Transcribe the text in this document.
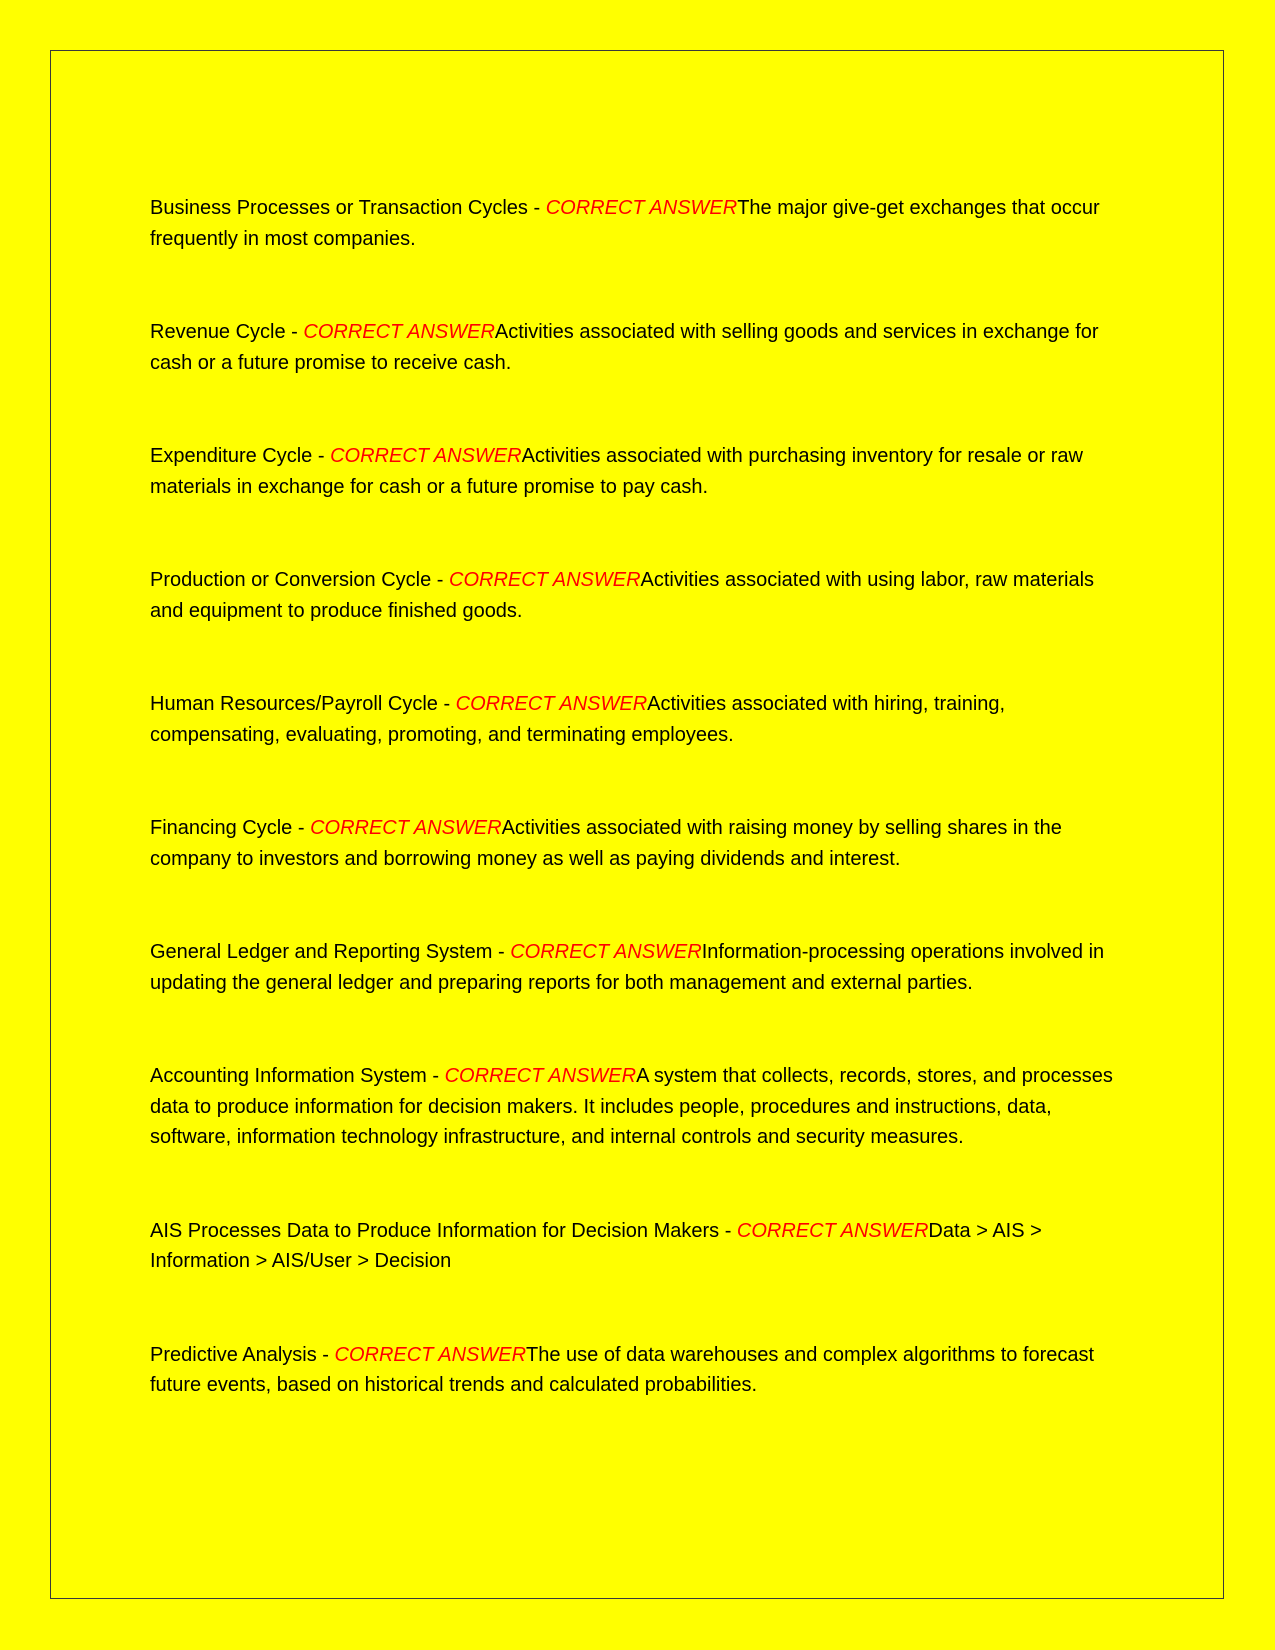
Business Processes or Transaction Cycles - CORRECT ANSWERThe major give-get exchanges that occur frequently in most companies.

Revenue Cycle - CORRECT ANSWERActivities associated with selling goods and services in exchange for cash or a future promise to receive cash.

Expenditure Cycle - CORRECT ANSWERActivities associated with purchasing inventory for resale or raw materials in exchange for cash or a future promise to pay cash.

Production or Conversion Cycle - CORRECT ANSWERActivities associated with using labor, raw materials and equipment to produce finished goods.

Human Resources/Payroll Cycle - CORRECT ANSWERActivities associated with hiring, training, compensating, evaluating, promoting, and terminating employees.

Financing Cycle - CORRECT ANSWERActivities associated with raising money by selling shares in the company to investors and borrowing money as well as paying dividends and interest.

General Ledger and Reporting System - CORRECT ANSWERInformation-processing operations involved in updating the general ledger and preparing reports for both management and external parties.

Accounting Information System - CORRECT ANSWERA system that collects, records, stores, and processes data to produce information for decision makers. It includes people, procedures and instructions, data, software, information technology infrastructure, and internal controls and security measures.

AIS Processes Data to Produce Information for Decision Makers - CORRECT ANSWERData > AIS > Information > AIS/User > Decision

Predictive Analysis - CORRECT ANSWERThe use of data warehouses and complex algorithms to forecast future events, based on historical trends and calculated probabilities.
